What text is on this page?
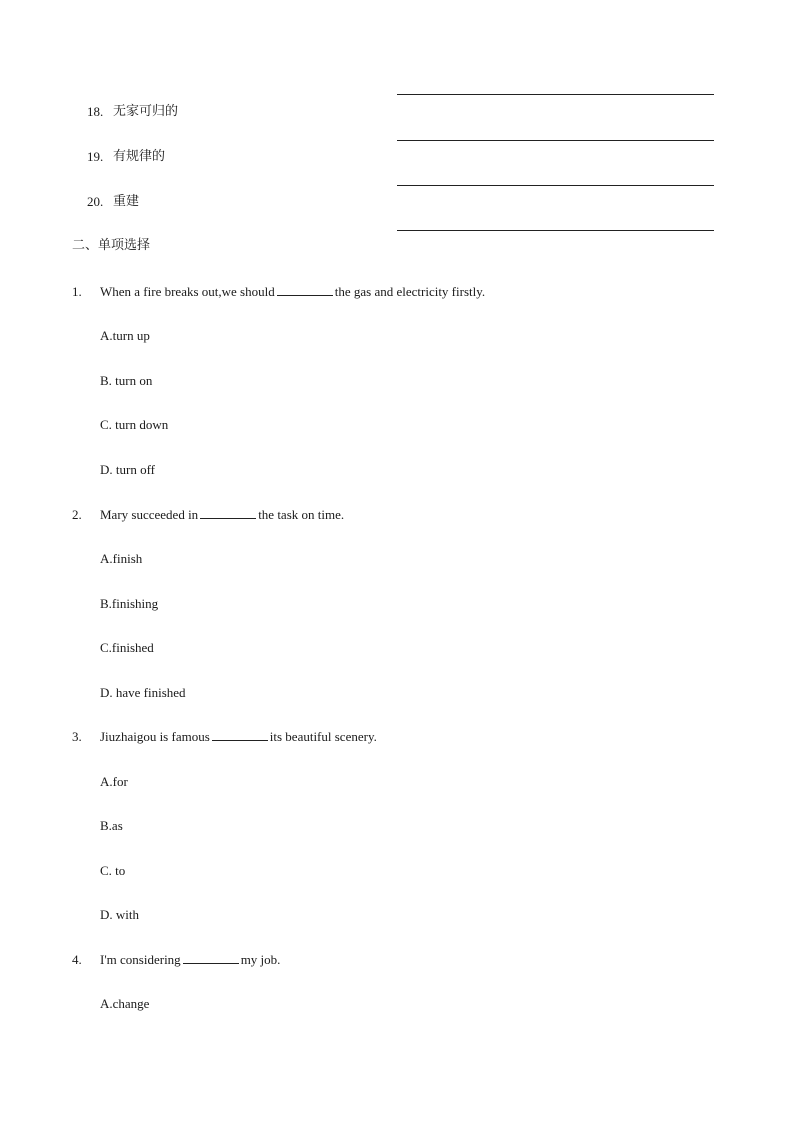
18. 无家可归的
19. 有规律的
20. 重建
二、单项选择
1. When a fire breaks out,we should	the gas and electricity firstly.
A.turn up
B. turn on
C. turn down
D. turn off
2. Mary succeeded in	the task on time.
A.finish
B.finishing
C.finished
D. have finished
3. Jiuzhaigou is famous	its beautiful scenery.
A.for
B.as
C. to
D. with
4. I'm considering	my job.
A.change
